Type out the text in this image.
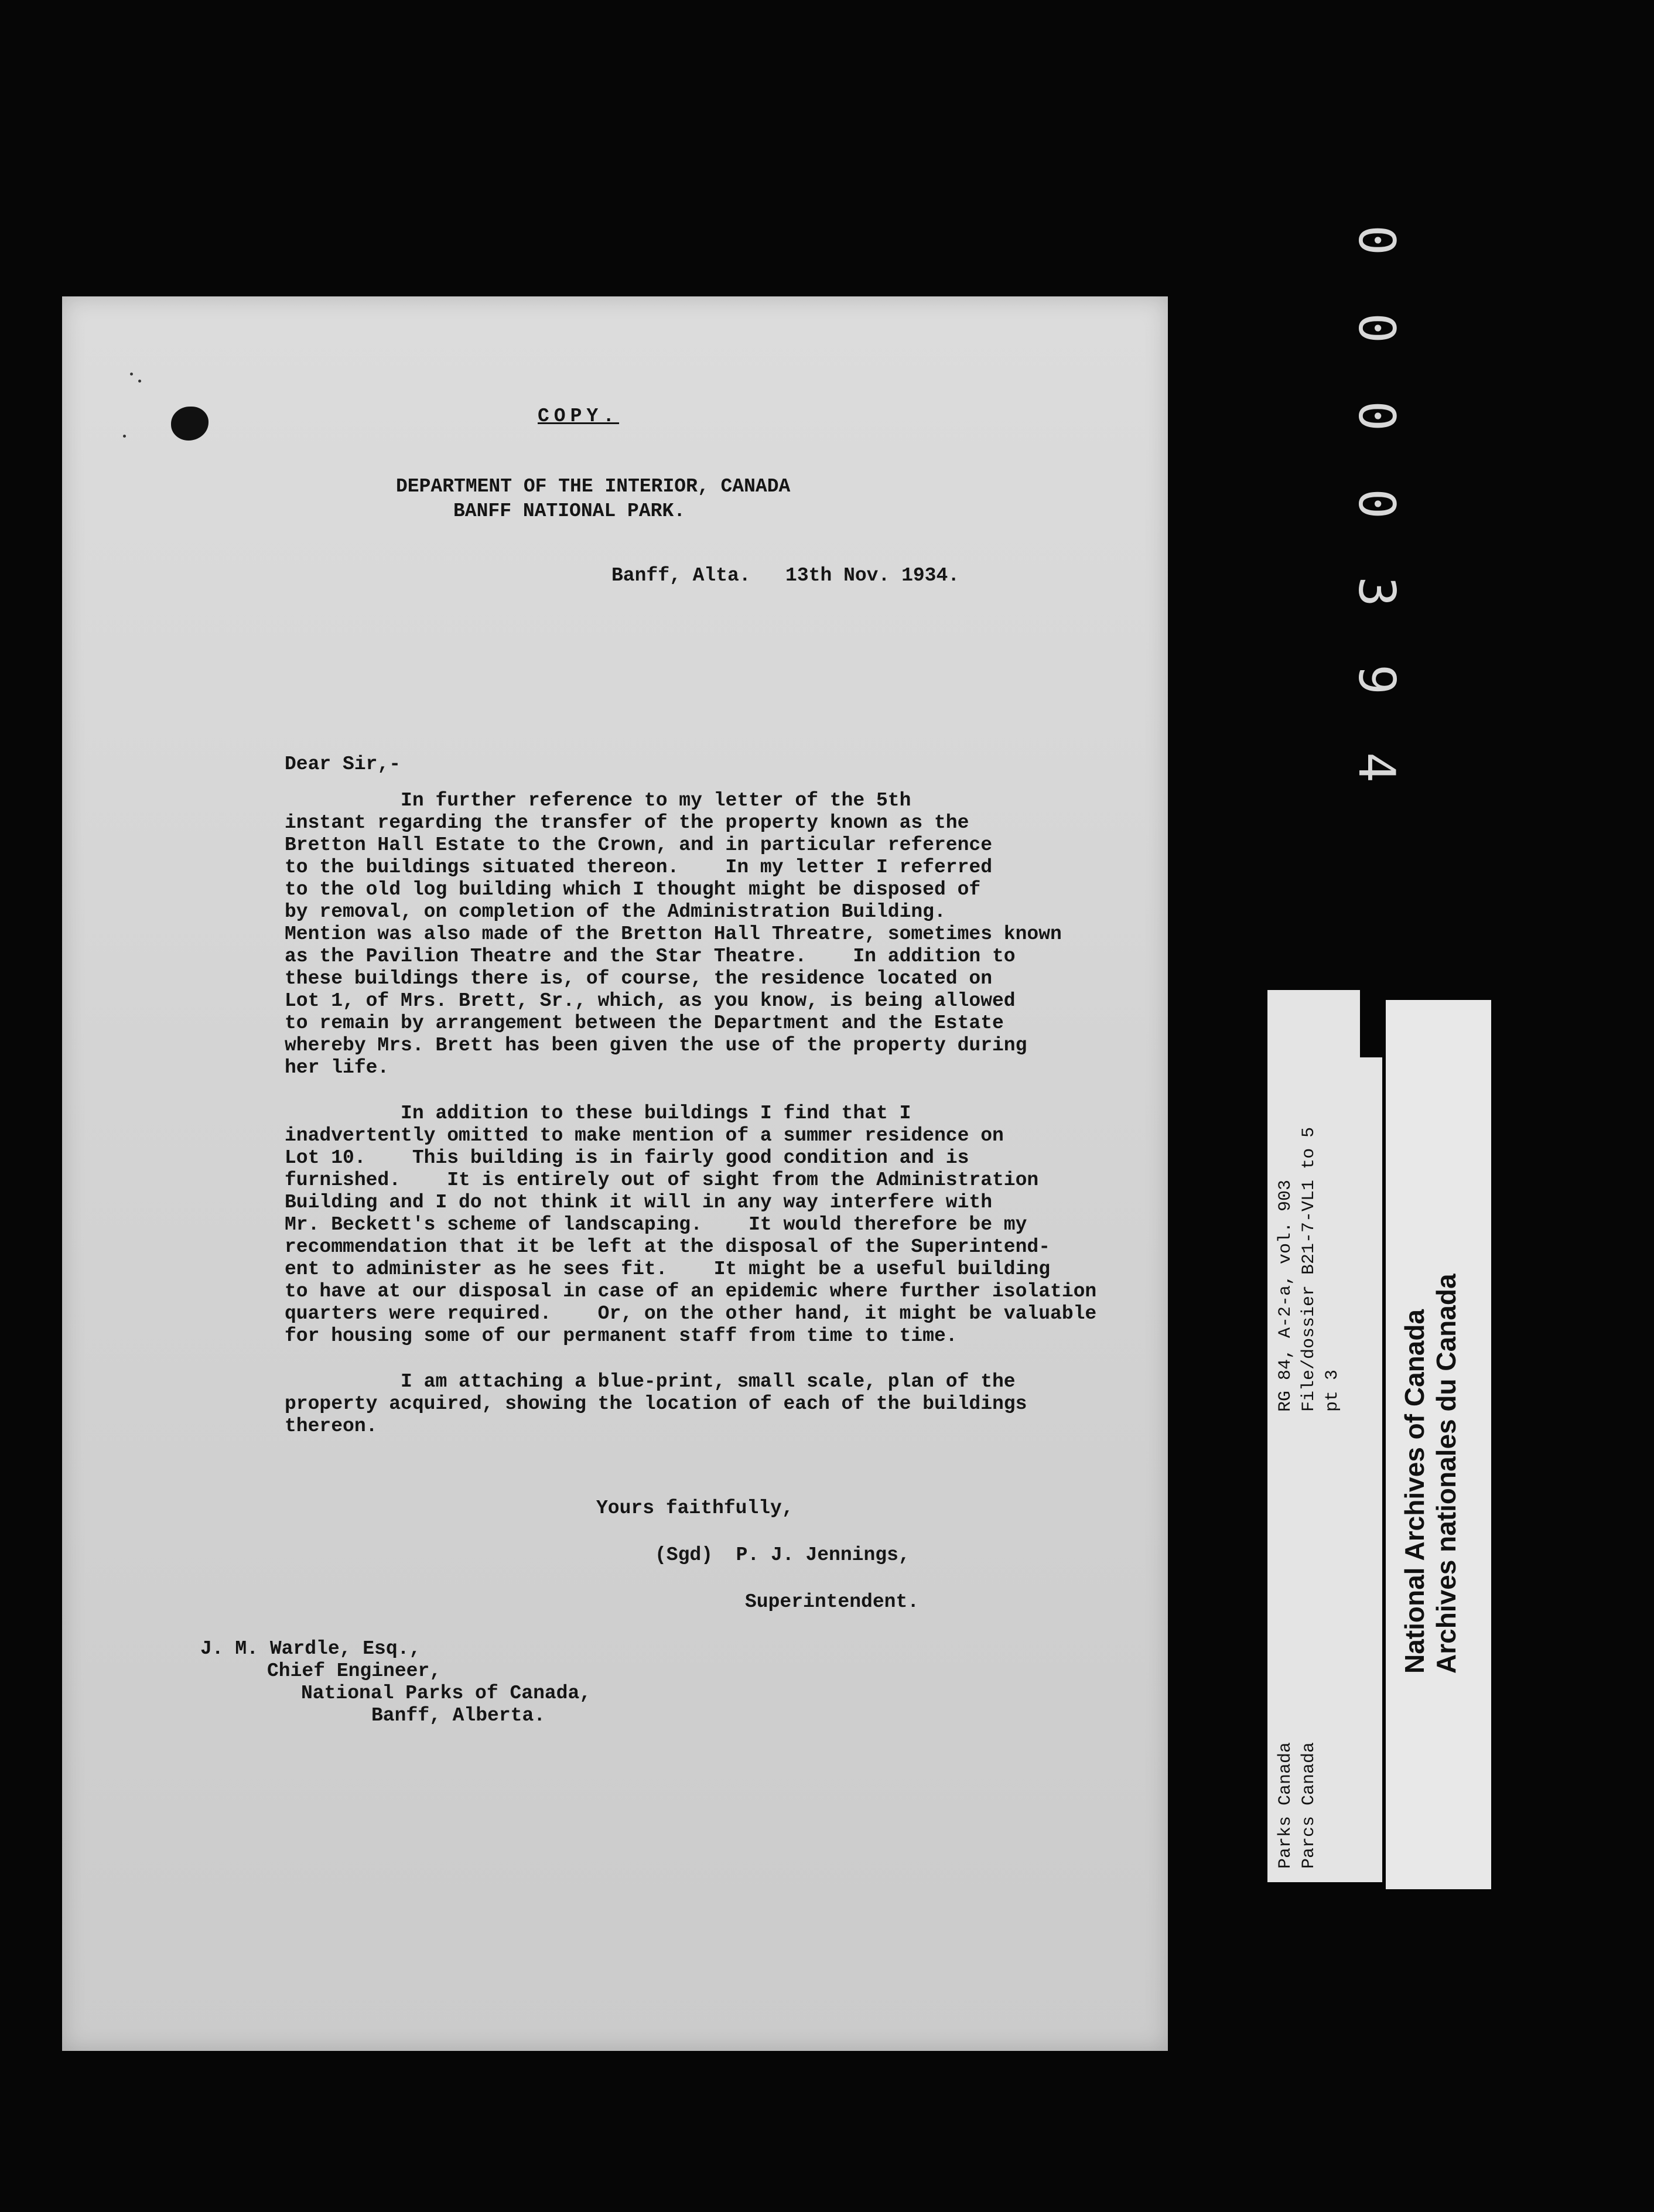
0
0
0
0
3
9
4
COPY.
DEPARTMENT OF THE INTERIOR, CANADA
BANFF NATIONAL PARK.
Banff, Alta.   13th Nov. 1934.
Dear Sir,-

In further reference to my letter of the 5th

instant regarding the transfer of the property known as the

Bretton Hall Estate to the Crown, and in particular reference

to the buildings situated thereon.    In my letter I referred

to the old log building which I thought might be disposed of

by removal, on completion of the Administration Building.

Mention was also made of the Bretton Hall Threatre, sometimes known

as the Pavilion Theatre and the Star Theatre.    In addition to

these buildings there is, of course, the residence located on

Lot 1, of Mrs. Brett, Sr., which, as you know, is being allowed

to remain by arrangement between the Department and the Estate

whereby Mrs. Brett has been given the use of the property during

her life.

In addition to these buildings I find that I

inadvertently omitted to make mention of a summer residence on

Lot 10.    This building is in fairly good condition and is

furnished.    It is entirely out of sight from the Administration

Building and I do not think it will in any way interfere with

Mr. Beckett's scheme of landscaping.    It would therefore be my

recommendation that it be left at the disposal of the Superintend-

ent to administer as he sees fit.    It might be a useful building

to have at our disposal in case of an epidemic where further isolation

quarters were required.    Or, on the other hand, it might be valuable

for housing some of our permanent staff from time to time.

I am attaching a blue-print, small scale, plan of the

property acquired, showing the location of each of the buildings

thereon.

Yours faithfully,
(Sgd)  P. J. Jennings,
Superintendent.
J. M. Wardle, Esq.,
Chief Engineer,
National Parks of Canada,
Banff, Alberta.
RG 84, A-2-a, vol. 903 File/dossier B21-7-VL1 to 5 pt 3
Parks Canada Parcs Canada
National Archives of Canada Archives nationales du Canada
